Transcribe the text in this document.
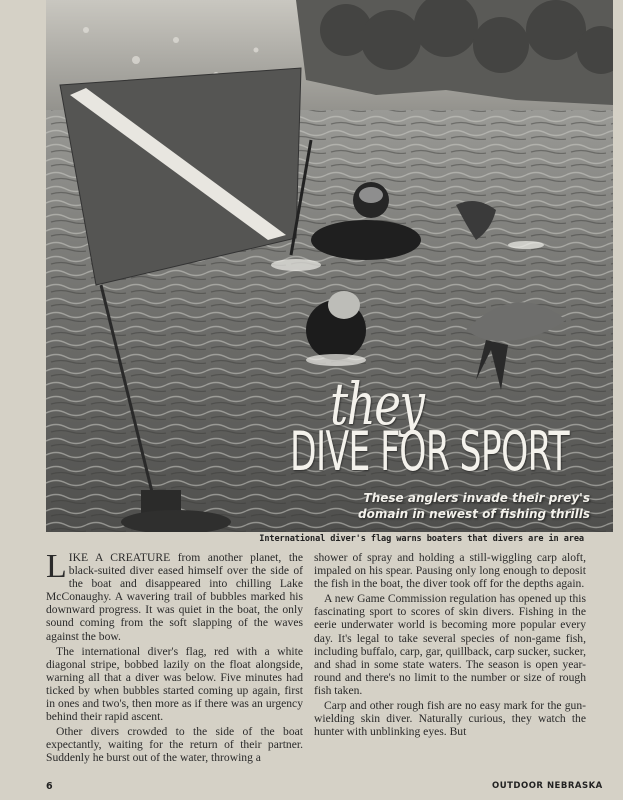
they
DIVE FOR SPORT
These anglers invade their prey's
domain in newest of fishing thrills
International diver's flag warns boaters that divers are in area

LIKE A CREATURE from another planet, the black-suited diver eased himself over the side of the boat and disappeared into chilling Lake McConaughy. A wavering trail of bubbles marked his downward progress. It was quiet in the boat, the only sound coming from the soft slapping of the waves against the bow.

The international diver's flag, red with a white diagonal stripe, bobbed lazily on the float alongside, warning all that a diver was below. Five minutes had ticked by when bubbles started coming up again, first in ones and two's, then more as if there was an urgency behind their rapid ascent.

Other divers crowded to the side of the boat expectantly, waiting for the return of their partner. Suddenly he burst out of the water, throwing a

shower of spray and holding a still-wiggling carp aloft, impaled on his spear. Pausing only long enough to deposit the fish in the boat, the diver took off for the depths again.

A new Game Commission regulation has opened up this fascinating sport to scores of skin divers. Fishing in the eerie underwater world is becoming more popular every day. It's legal to take several species of non-game fish, including buffalo, carp, gar, quillback, carp sucker, sucker, and shad in some state waters. The season is open year-round and there's no limit to the number or size of rough fish taken.

Carp and other rough fish are no easy mark for the gun-wielding skin diver. Naturally curious, they watch the hunter with unblinking eyes. But

6	OUTDOOR NEBRASKA
